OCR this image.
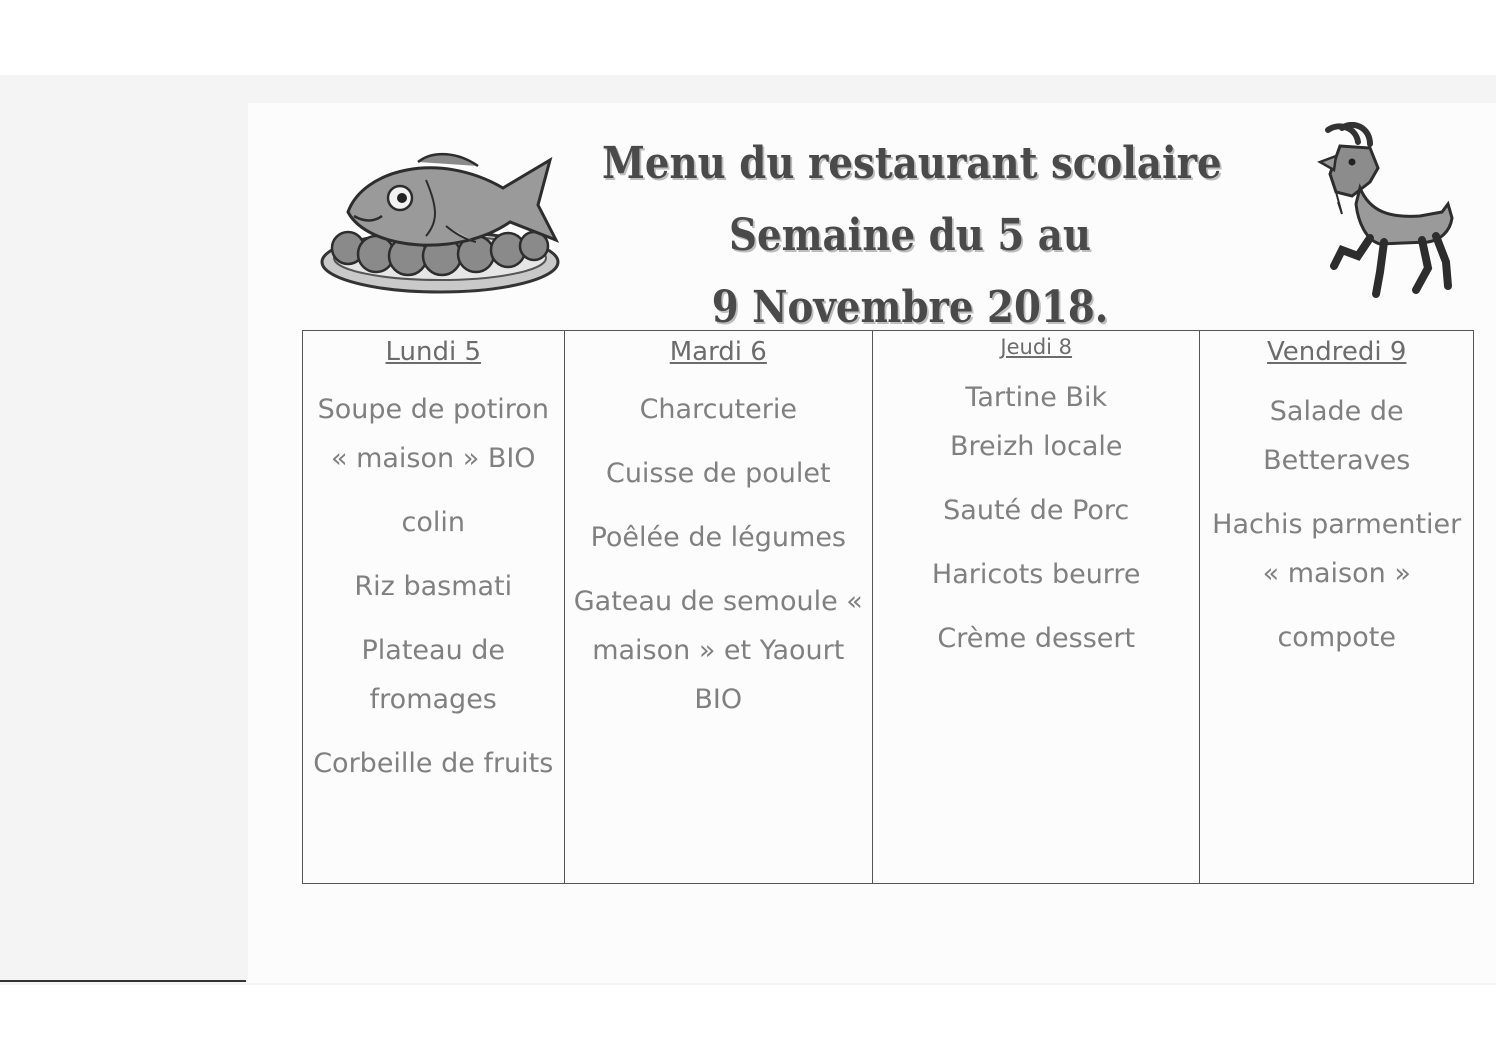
Menu du restaurant scolaire
Semaine du 5 au
9 Novembre 2018.
Lundi 5
Soupe de potiron « maison » BIO
colin
Riz basmati
Plateau de fromages
Corbeille de fruits
Mardi 6
Charcuterie
Cuisse de poulet
Poêlée de légumes
Gateau de semoule « maison » et Yaourt BIO
Jeudi 8
Tartine Bik Breizh locale
Sauté de Porc
Haricots beurre
Crème dessert
Vendredi 9
Salade de Betteraves
Hachis parmentier « maison »
compote
